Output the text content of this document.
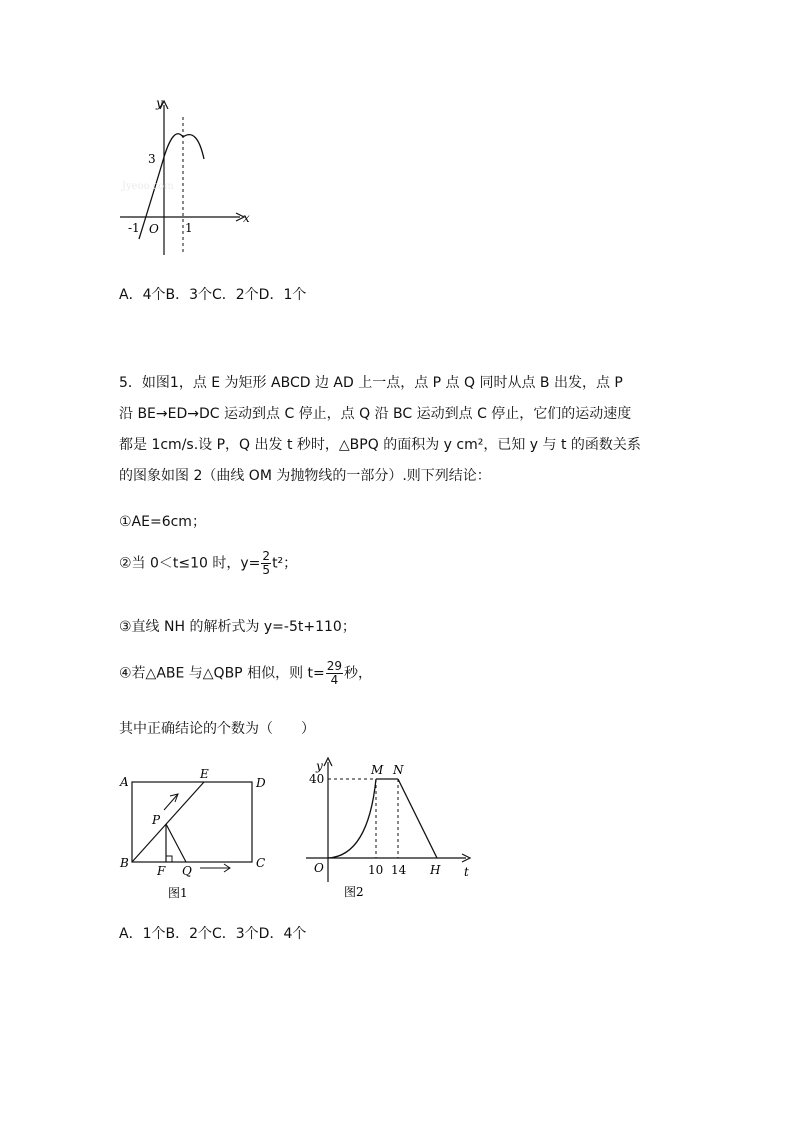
y
x
3
-1 O 1
Jyeoo.com
A．4个B．3个C．2个D．1个
5．如图1，点 E 为矩形 ABCD 边 AD 上一点，点 P 点 Q 同时从点 B 出发，点 P
沿 BE→ED→DC 运动到点 C 停止，点 Q 沿 BC 运动到点 C 停止，它们的运动速度
都是 1cm/s.设 P，Q 出发 t 秒时，△BPQ 的面积为 y cm²，已知 y 与 t 的函数关系
的图象如图 2（曲线 OM 为抛物线的一部分）.则下列结论：
①AE=6cm；
②当 0＜t≤10 时，$y= \frac{2}{5} t^2$；
③直线 NH 的解析式为 y=-5t+110；
④若△ABE 与△QBP 相似，则 $t= \frac{29}{4}$ 秒，
其中正确结论的个数为（　　）
A
E
D
P
B
F Q
C
图1
y
40
M N
O	10 14 H t
图2
A．1个B．2个C．3个D．4个
